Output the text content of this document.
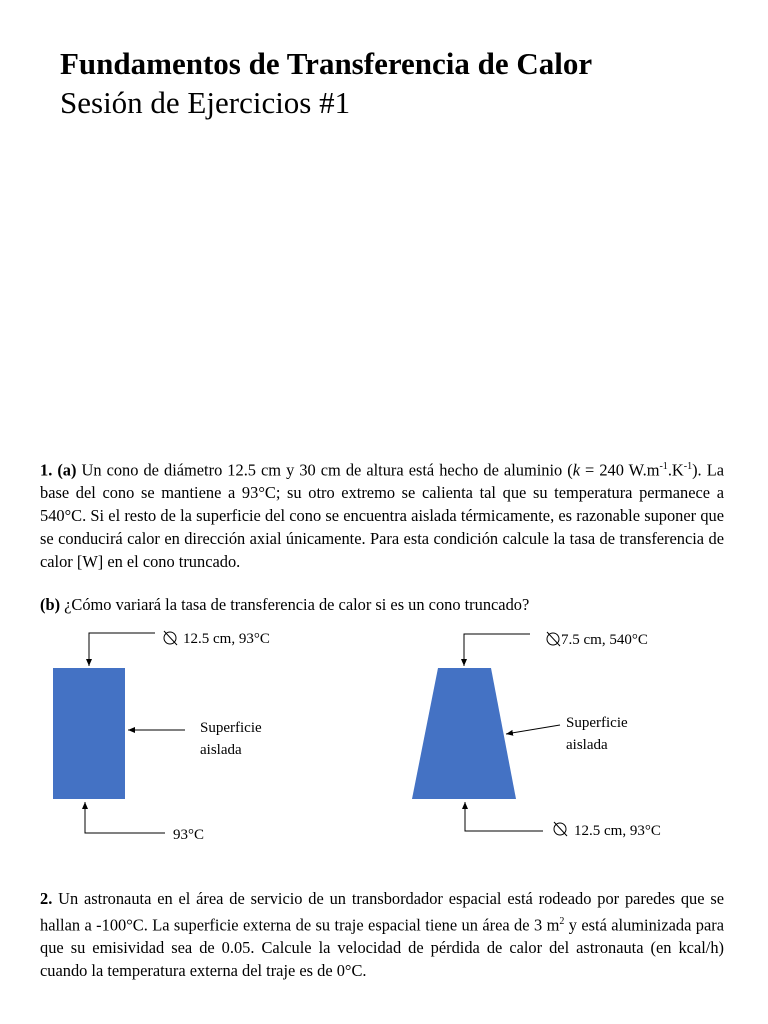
Fundamentos de Transferencia de Calor
Sesión de Ejercicios #1
1. (a) Un cono de diámetro 12.5 cm y 30 cm de altura está hecho de aluminio (k = 240 $W.m^{-1}.K^{-1}$). La base del cono se mantiene a 93°C; su otro extremo se calienta tal que su temperatura permanece a 540°C. Si el resto de la superficie del cono se encuentra aislada térmicamente, es razonable suponer que se conducirá calor en dirección axial únicamente. Para esta condición calcule la tasa de transferencia de calor [W] en el cono truncado.
(b) ¿Cómo variará la tasa de transferencia de calor si es un cono truncado?
12.5 cm, 93°C
Superficie
aislada
93°C
7.5 cm, 540°C
Superficie
aislada
12.5 cm, 93°C
2. Un astronauta en el área de servicio de un transbordador espacial está rodeado por paredes que se hallan a -100°C. La superficie externa de su traje espacial tiene un área de 3 $m^2$ y está aluminizada para que su emisividad sea de 0.05. Calcule la velocidad de pérdida de calor del astronauta (en kcal/h) cuando la temperatura externa del traje es de 0°C.
